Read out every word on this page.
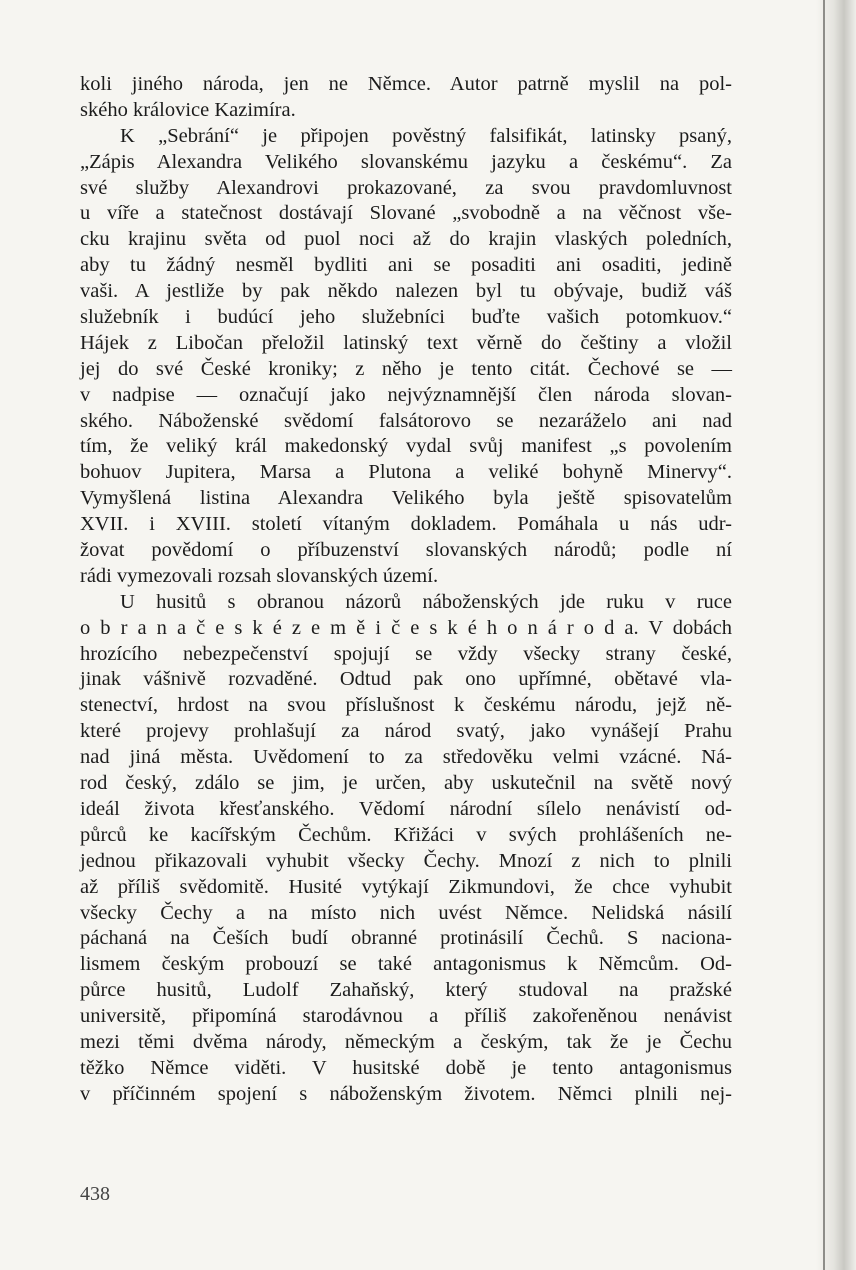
koli jiného národa, jen ne Němce. Autor patrně myslil na pol-
ského královice Kazimíra.
K „Sebrání“ je připojen pověstný falsifikát, latinsky psaný,
„Zápis Alexandra Velikého slovanskému jazyku a českému“. Za
své služby Alexandrovi prokazované, za svou pravdomluvnost
u víře a statečnost dostávají Slované „svobodně a na věčnost vše-
cku krajinu světa od puol noci až do krajin vlaských poledních,
aby tu žádný nesměl bydliti ani se posaditi ani osaditi, jedině
vaši. A jestliže by pak někdo nalezen byl tu obývaje, budiž váš
služebník i budúcí jeho služebníci buďte vašich potomkuov.“
Hájek z Libočan přeložil latinský text věrně do češtiny a vložil
jej do své České kroniky; z něho je tento citát. Čechové se —
v nadpise — označují jako nejvýznamnější člen národa slovan-
ského. Náboženské svědomí falsátorovo se nezaráželo ani nad
tím, že veliký král makedonský vydal svůj manifest „s povolením
bohuov Jupitera, Marsa a Plutona a veliké bohyně Minervy“.
Vymyšlená listina Alexandra Velikého byla ještě spisovatelům
XVII. i XVIII. století vítaným dokladem. Pomáhala u nás udr-
žovat povědomí o příbuzenství slovanských národů; podle ní
rádi vymezovali rozsah slovanských území.
U husitů s obranou názorů náboženských jde ruku v ruce
o b r a n a č e s k é z e m ě i č e s k é h o n á r o d a. V dobách
hrozícího nebezpečenství spojují se vždy všecky strany české,
jinak vášnivě rozvaděné. Odtud pak ono upřímné, obětavé vla-
stenectví, hrdost na svou příslušnost k českému národu, jejž ně-
které projevy prohlašují za národ svatý, jako vynášejí Prahu
nad jiná města. Uvědomení to za středověku velmi vzácné. Ná-
rod český, zdálo se jim, je určen, aby uskutečnil na světě nový
ideál života křesťanského. Vědomí národní sílelo nenávistí od-
půrců ke kacířským Čechům. Křižáci v svých prohlášeních ne-
jednou přikazovali vyhubit všecky Čechy. Mnozí z nich to plnili
až příliš svědomitě. Husité vytýkají Zikmundovi, že chce vyhubit
všecky Čechy a na místo nich uvést Němce. Nelidská násilí
páchaná na Češích budí obranné protinásilí Čechů. S naciona-
lismem českým probouzí se také antagonismus k Němcům. Od-
půrce husitů, Ludolf Zahaňský, který studoval na pražské
universitě, připomíná starodávnou a příliš zakořeněnou nenávist
mezi těmi dvěma národy, německým a českým, tak že je Čechu
těžko Němce viděti. V husitské době je tento antagonismus
v příčinném spojení s náboženským životem. Němci plnili nej-
438
